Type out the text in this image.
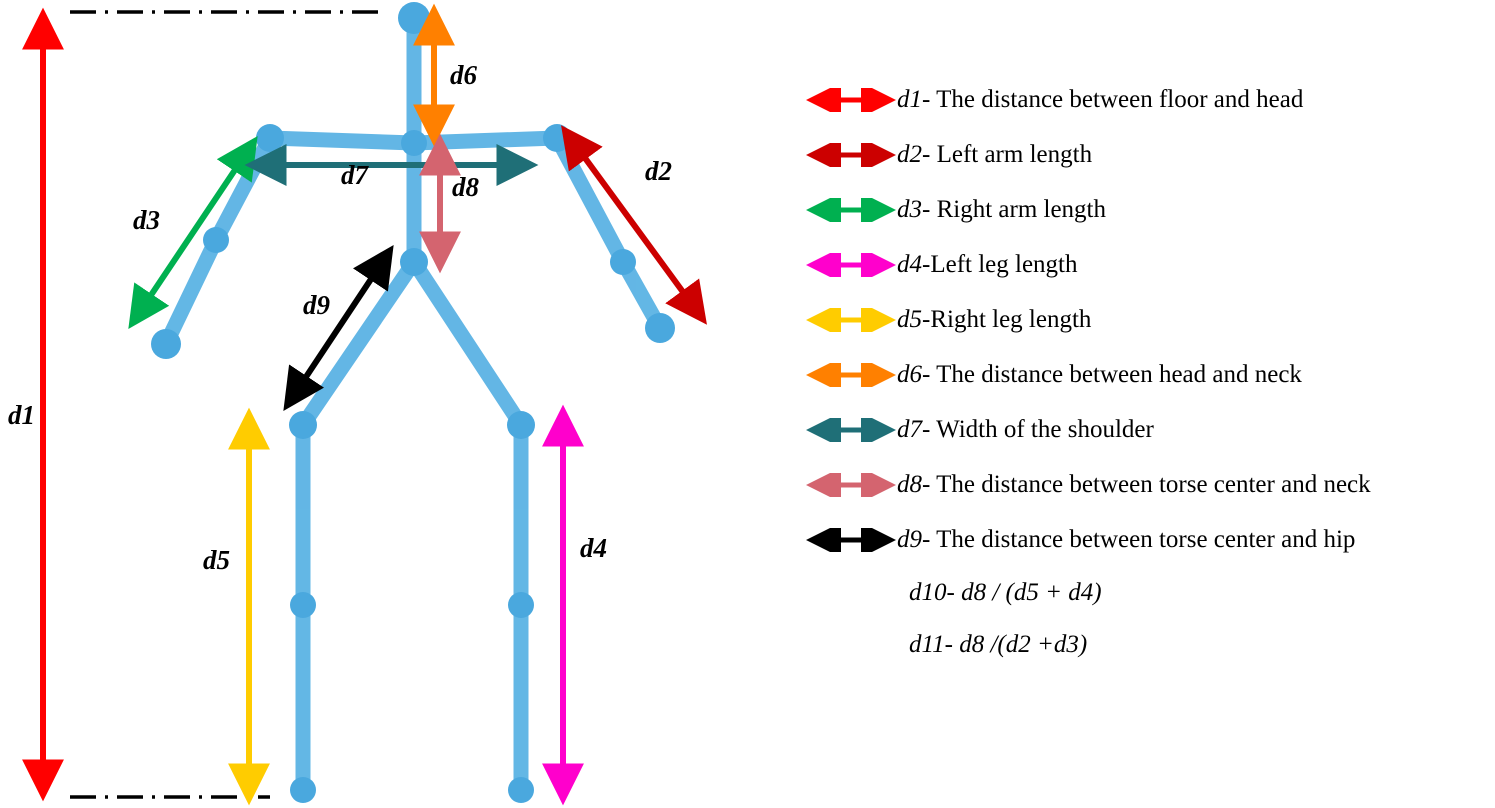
d1
d2
d3
d4
d5
d6
d7	d8
d9
d1- The distance between floor and head
d2- Left arm length
d3- Right arm length
d4-Left leg length
d5-Right leg length
d6- The distance between head and neck
d7- Width of the shoulder
d8- The distance between torse center and neck
d9- The distance between torse center and hip
d10- d8 / (d5 + d4)
d11- d8 /(d2 +d3)
